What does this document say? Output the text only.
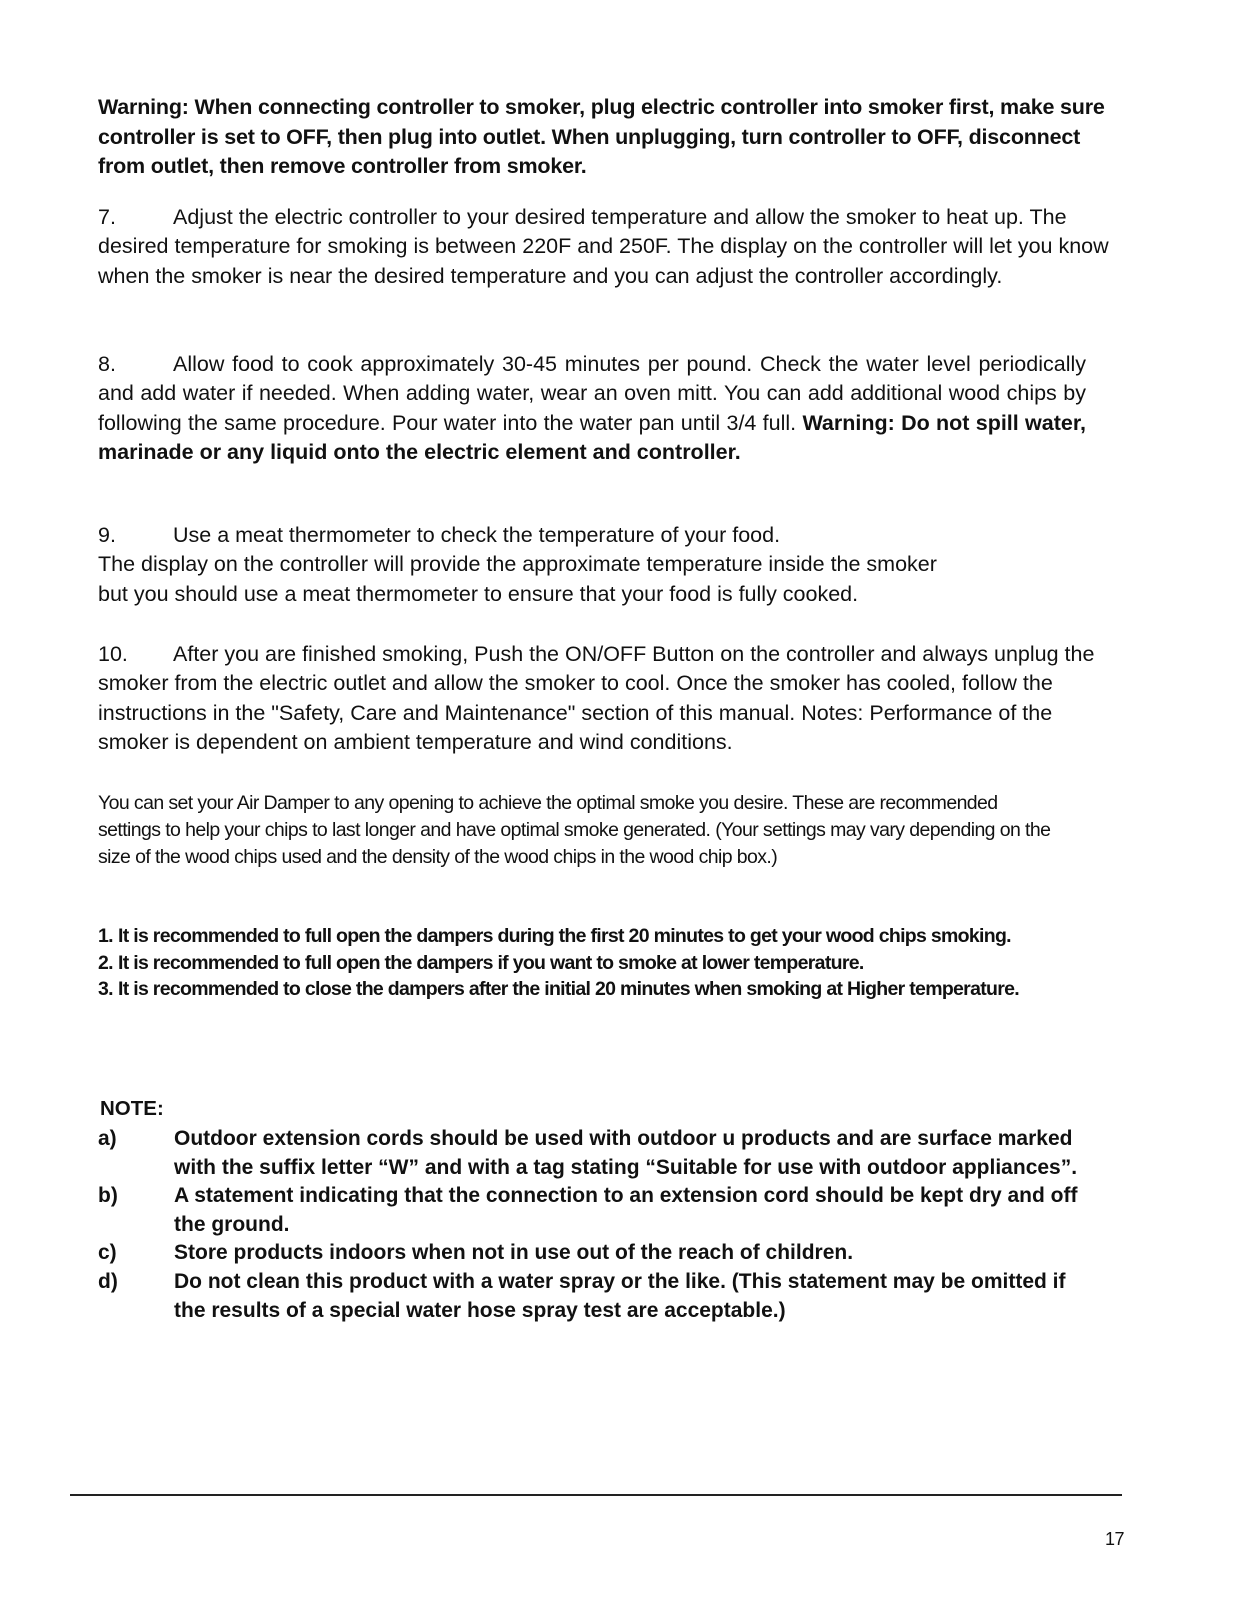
Warning: When connecting controller to smoker, plug electric controller into smoker first, make sure controller is set to OFF, then plug into outlet. When unplugging, turn controller to OFF, disconnect from outlet, then remove controller from smoker.
7.	Adjust the electric controller to your desired temperature and allow the smoker to heat up. The desired temperature for smoking is between 220F and 250F. The display on the controller will let you know when the smoker is near the desired temperature and you can adjust the controller accordingly.
8.	Allow food to cook approximately 30-45 minutes per pound. Check the water level periodically and add water if needed. When adding water, wear an oven mitt. You can add additional wood chips by following the same procedure. Pour water into the water pan until 3/4 full. Warning: Do not spill water, marinade or any liquid onto the electric element and controller.
9.	Use a meat thermometer to check the temperature of your food.
The display on the controller will provide the approximate temperature inside the smoker
but you should use a meat thermometer to ensure that your food is fully cooked.
10. After you are finished smoking, Push the ON/OFF Button on the controller and always unplug the smoker from the electric outlet and allow the smoker to cool. Once the smoker has cooled, follow the instructions in the "Safety, Care and Maintenance" section of this manual. Notes: Performance of the smoker is dependent on ambient temperature and wind conditions.
You can set your Air Damper to any opening to achieve the optimal smoke you desire. These are recommended settings to help your chips to last longer and have optimal smoke generated. (Your settings may vary depending on the size of the wood chips used and the density of the wood chips in the wood chip box.)
1. It is recommended to full open the dampers during the first 20 minutes to get your wood chips smoking.
2. It is recommended to full open the dampers if you want to smoke at lower temperature.
3. It is recommended to close the dampers after the initial 20 minutes when smoking at Higher temperature.
NOTE:
a)	Outdoor extension cords should be used with outdoor u products and are surface marked with the suffix letter “W” and with a tag stating “Suitable for use with outdoor appliances”.
b)	A statement indicating that the connection to an extension cord should be kept dry and off the ground.
c)	Store products indoors when not in use out of the reach of children.
d)	Do not clean this product with a water spray or the like. (This statement may be omitted if the results of a special water hose spray test are acceptable.)
17
